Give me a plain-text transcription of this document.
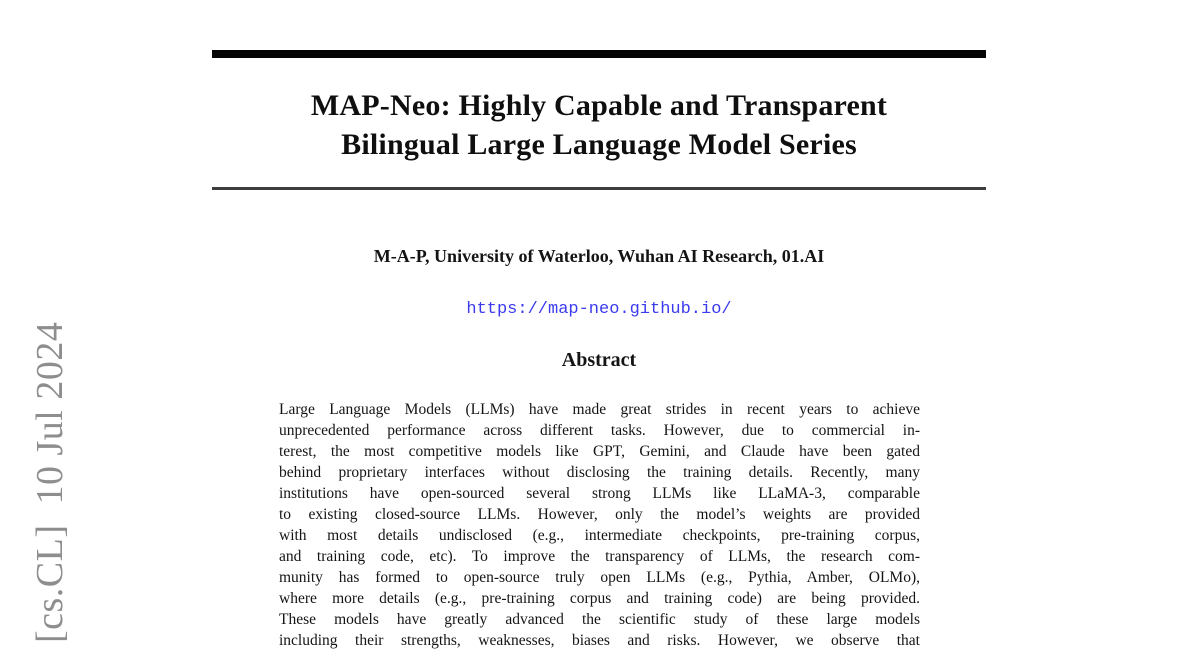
MAP-Neo: Highly Capable and Transparent
Bilingual Large Language Model Series
M-A-P, University of Waterloo, Wuhan AI Research, 01.AI
https://map-neo.github.io/
Abstract
Large Language Models (LLMs) have made great strides in recent years to achieve
unprecedented performance across different tasks. However, due to commercial in-
terest, the most competitive models like GPT, Gemini, and Claude have been gated
behind proprietary interfaces without disclosing the training details. Recently, many
institutions have open-sourced several strong LLMs like LLaMA-3, comparable
to existing closed-source LLMs. However, only the model’s weights are provided
with most details undisclosed (e.g., intermediate checkpoints, pre-training corpus,
and training code, etc). To improve the transparency of LLMs, the research com-
munity has formed to open-source truly open LLMs (e.g., Pythia, Amber, OLMo),
where more details (e.g., pre-training corpus and training code) are being provided.
These models have greatly advanced the scientific study of these large models
including their strengths, weaknesses, biases and risks. However, we observe that
[cs.CL]  10 Jul 2024
